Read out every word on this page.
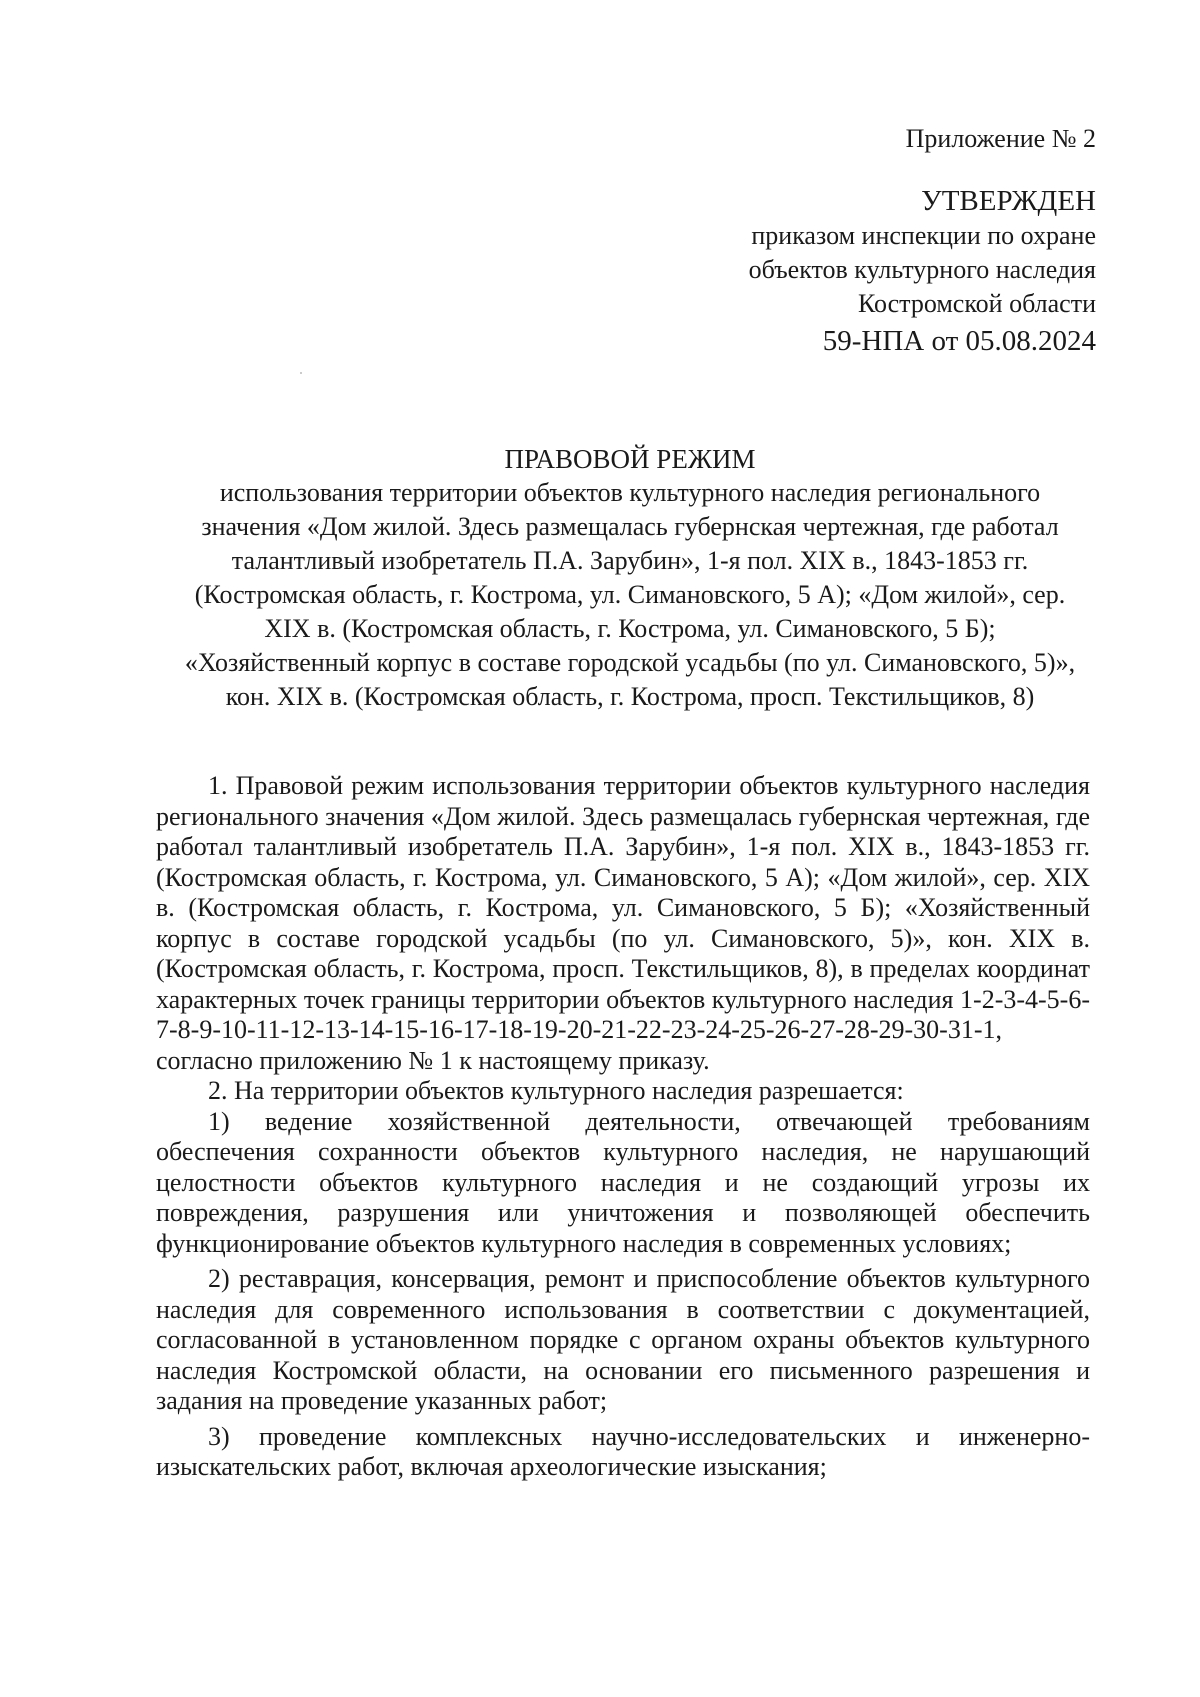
Приложение № 2
УТВЕРЖДЕН
приказом инспекции по охране
объектов культурного наследия
Костромской области
59-НПА от 05.08.2024
ПРАВОВОЙ РЕЖИМ
использования территории объектов культурного наследия регионального значения «Дом жилой. Здесь размещалась губернская чертежная, где работал талантливый изобретатель П.А. Зарубин», 1-я пол. XIX в., 1843-1853 гг. (Костромская область, г. Кострома, ул. Симановского, 5 А); «Дом жилой», сер. XIX в. (Костромская область, г. Кострома, ул. Симановского, 5 Б); «Хозяйственный корпус в составе городской усадьбы (по ул. Симановского, 5)», кон. XIX в. (Костромская область, г. Кострома, просп. Текстильщиков, 8)

1. Правовой режим использования территории объектов культурного наследия регионального значения «Дом жилой. Здесь размещалась губернская чертежная, где работал талантливый изобретатель П.А. Зарубин», 1-я пол. XIX в., 1843-1853 гг. (Костромская область, г. Кострома, ул. Симановского, 5 А); «Дом жилой», сер. XIX в. (Костромская область, г. Кострома, ул. Симановского, 5 Б); «Хозяйственный корпус в составе городской усадьбы (по ул. Симановского, 5)», кон. XIX в. (Костромская область, г. Кострома, просп. Текстильщиков, 8), в пределах координат характерных точек границы территории объектов культурного наследия 1-2-3-4-5-6-7-8-9-10-11-12-13-14-15-16-17-18-19-20-21-22-23-24-25-26-27-28-29-30-31-1, согласно приложению № 1 к настоящему приказу.

2. На территории объектов культурного наследия разрешается:

1) ведение хозяйственной деятельности, отвечающей требованиям обеспечения сохранности объектов культурного наследия, не нарушающий целостности объектов культурного наследия и не создающий угрозы их повреждения, разрушения или уничтожения и позволяющей обеспечить функционирование объектов культурного наследия в современных условиях;

2) реставрация, консервация, ремонт и приспособление объектов культурного наследия для современного использования в соответствии с документацией, согласованной в установленном порядке с органом охраны объектов культурного наследия Костромской области, на основании его письменного разрешения и задания на проведение указанных работ;

3) проведение комплексных научно-исследовательских и инженерно-изыскательских работ, включая археологические изыскания;
